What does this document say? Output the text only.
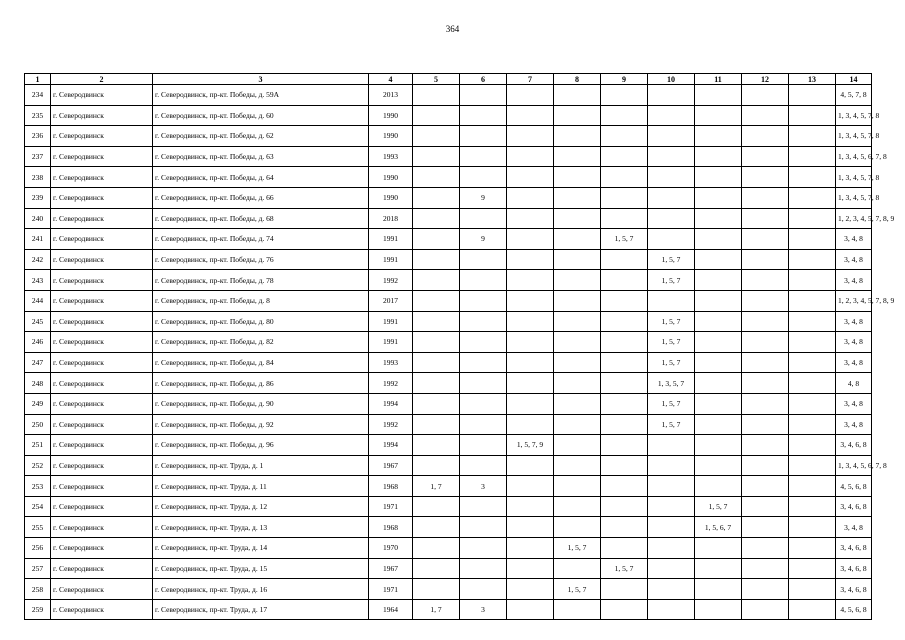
364
1	2	3	4	5	6	7	8	9	10	11	12	13	14
234	г. Северодвинск	г. Северодвинск, пр-кт. Победы, д. 59А	2013										4, 5, 7, 8
235	г. Северодвинск	г. Северодвинск, пр-кт. Победы, д. 60	1990										1, 3, 4, 5, 7, 8
236	г. Северодвинск	г. Северодвинск, пр-кт. Победы, д. 62	1990										1, 3, 4, 5, 7, 8
237	г. Северодвинск	г. Северодвинск, пр-кт. Победы, д. 63	1993										1, 3, 4, 5, 6, 7, 8
238	г. Северодвинск	г. Северодвинск, пр-кт. Победы, д. 64	1990										1, 3, 4, 5, 7, 8
239	г. Северодвинск	г. Северодвинск, пр-кт. Победы, д. 66	1990		9								1, 3, 4, 5, 7, 8
240	г. Северодвинск	г. Северодвинск, пр-кт. Победы, д. 68	2018										1, 2, 3, 4, 5, 7, 8, 9
241	г. Северодвинск	г. Северодвинск, пр-кт. Победы, д. 74	1991		9			1, 5, 7					3, 4, 8
242	г. Северодвинск	г. Северодвинск, пр-кт. Победы, д. 76	1991						1, 5, 7				3, 4, 8
243	г. Северодвинск	г. Северодвинск, пр-кт. Победы, д. 78	1992						1, 5, 7				3, 4, 8
244	г. Северодвинск	г. Северодвинск, пр-кт. Победы, д. 8	2017										1, 2, 3, 4, 5, 7, 8, 9
245	г. Северодвинск	г. Северодвинск, пр-кт. Победы, д. 80	1991						1, 5, 7				3, 4, 8
246	г. Северодвинск	г. Северодвинск, пр-кт. Победы, д. 82	1991						1, 5, 7				3, 4, 8
247	г. Северодвинск	г. Северодвинск, пр-кт. Победы, д. 84	1993						1, 5, 7				3, 4, 8
248	г. Северодвинск	г. Северодвинск, пр-кт. Победы, д. 86	1992						1, 3, 5, 7				4, 8
249	г. Северодвинск	г. Северодвинск, пр-кт. Победы, д. 90	1994						1, 5, 7				3, 4, 8
250	г. Северодвинск	г. Северодвинск, пр-кт. Победы, д. 92	1992						1, 5, 7				3, 4, 8
251	г. Северодвинск	г. Северодвинск, пр-кт. Победы, д. 96	1994			1, 5, 7, 9							3, 4, 6, 8
252	г. Северодвинск	г. Северодвинск, пр-кт. Труда, д. 1	1967										1, 3, 4, 5, 6, 7, 8
253	г. Северодвинск	г. Северодвинск, пр-кт. Труда, д. 11	1968	1, 7	3								4, 5, 6, 8
254	г. Северодвинск	г. Северодвинск, пр-кт. Труда, д. 12	1971							1, 5, 7			3, 4, 6, 8
255	г. Северодвинск	г. Северодвинск, пр-кт. Труда, д. 13	1968							1, 5, 6, 7			3, 4, 8
256	г. Северодвинск	г. Северодвинск, пр-кт. Труда, д. 14	1970				1, 5, 7						3, 4, 6, 8
257	г. Северодвинск	г. Северодвинск, пр-кт. Труда, д. 15	1967					1, 5, 7					3, 4, 6, 8
258	г. Северодвинск	г. Северодвинск, пр-кт. Труда, д. 16	1971				1, 5, 7						3, 4, 6, 8
259	г. Северодвинск	г. Северодвинск, пр-кт. Труда, д. 17	1964	1, 7	3								4, 5, 6, 8
